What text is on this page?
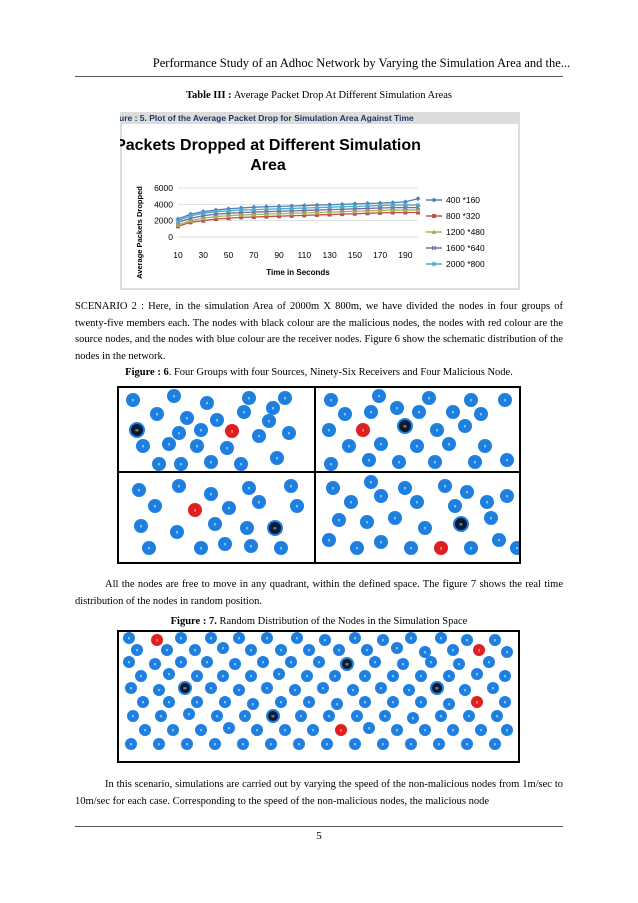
Performance Study of an Adhoc Network by Varying the Simulation Area and the...
Table III : Average Packet Drop At Different Simulation Areas
Figure : 5. Plot of the Average Packet Drop for Simulation Area Against Time
Packets Dropped at Different Simulation
Area
6000
4000
2000
0
Average Packets Dropped	10 30 50 70 90 110 130 150 170 190
Time in Seconds
400 *160
800 *320
1200 *480
1600 *640
2000 *800
SCENARIO 2 : Here, in the simulation Area of 2000m X 800m, we have divided the nodes in four groups of twenty-five members each. The nodes with black colour are the malicious nodes, the nodes with red colour are the source nodes, and the nodes with blue colour are the receiver nodes. Figure 6 show the schematic distribution of the nodes in the network.
Figure : 6. Four Groups with four Sources, Ninety-Six Receivers and Four Malicious Node.
R
R
R
R	R
R
R	R
R
R
M
R
R	S
R
R	R	R	R
R
R
R	R	R	R
R
R
R	R	R	R
R	R
R
R	R	R
R	S
M
R
R
R	R	R	R	R
R
R	R	R	R	R
R
R
R
R	R
R
S	R
R
R
R
R
R
R	M
R	R
R	R	R
R
R
R	R
R
R
R
R
R
R
R
R	R
R
R
M
R
R
R
R
R	S	R
R
R
All the nodes are free to move in any quadrant, within the defined space. The figure 7 shows the real time distribution of the nodes in random position.
Figure : 7. Random Distribution of the Nodes in the Simulation Space
R	S	R	R	R	R	R	R	R	R	R	R	R	R
R	R	R	R	R	R	R	R	R	R
R	R	S	R
R	R	R	R	R	R	R	R	M	R	R	R	R	R
R	R	R	R	R	R	R	R	R	R	R	R	R	R
R	R	M	R	R	R	R	R	R	R	R	M	R	R
R	R	R	R	R	R	R	R	R	R	R	R	S	R
R	R	R	R	R	M	R	R	R	R	R	R	R	R
R	R	R	R	R	R	R	S	R	R	R	R	R	R
R	R	R	R	R	R	R	R	R	R	R	R	R	R
In this scenario, simulations are carried out by varying the speed of the non-malicious nodes from 1m/sec to 10m/sec for each case. Corresponding to the speed of the non-malicious nodes, the malicious node
5
